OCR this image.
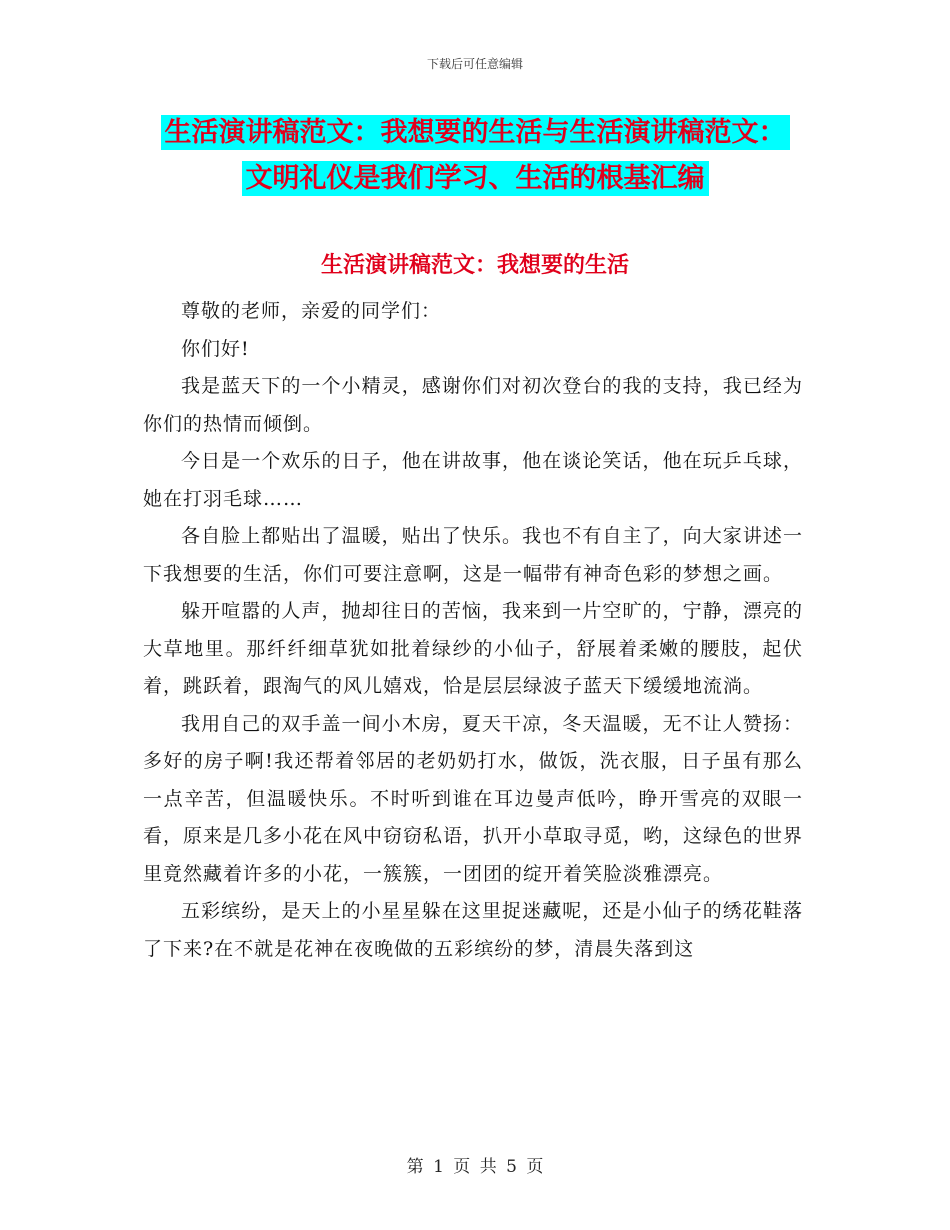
下载后可任意编辑
生活演讲稿范文：我想要的生活与生活演讲稿范文：
文明礼仪是我们学习、生活的根基汇编
生活演讲稿范文：我想要的生活

尊敬的老师，亲爱的同学们：

你们好!

我是蓝天下的一个小精灵，感谢你们对初次登台的我的支持，我已经为你们的热情而倾倒。

今日是一个欢乐的日子，他在讲故事，他在谈论笑话，他在玩乒乓球，她在打羽毛球……

各自脸上都贴出了温暖，贴出了快乐。我也不有自主了，向大家讲述一下我想要的生活，你们可要注意啊，这是一幅带有神奇色彩的梦想之画。

躲开喧嚣的人声，抛却往日的苦恼，我来到一片空旷的，宁静，漂亮的大草地里。那纤纤细草犹如批着绿纱的小仙子，舒展着柔嫩的腰肢，起伏着，跳跃着，跟淘气的风儿嬉戏，恰是层层绿波子蓝天下缓缓地流淌。

我用自己的双手盖一间小木房，夏天干凉，冬天温暖，无不让人赞扬：多好的房子啊!我还帮着邻居的老奶奶打水，做饭，洗衣服，日子虽有那么一点辛苦，但温暖快乐。不时听到谁在耳边曼声低吟，睁开雪亮的双眼一看，原来是几多小花在风中窃窃私语，扒开小草取寻觅，哟，这绿色的世界里竟然藏着许多的小花，一簇簇，一团团的绽开着笑脸淡雅漂亮。

五彩缤纷，是天上的小星星躲在这里捉迷藏呢，还是小仙子的绣花鞋落了下来?在不就是花神在夜晚做的五彩缤纷的梦，清晨失落到这

第 1 页 共 5 页
